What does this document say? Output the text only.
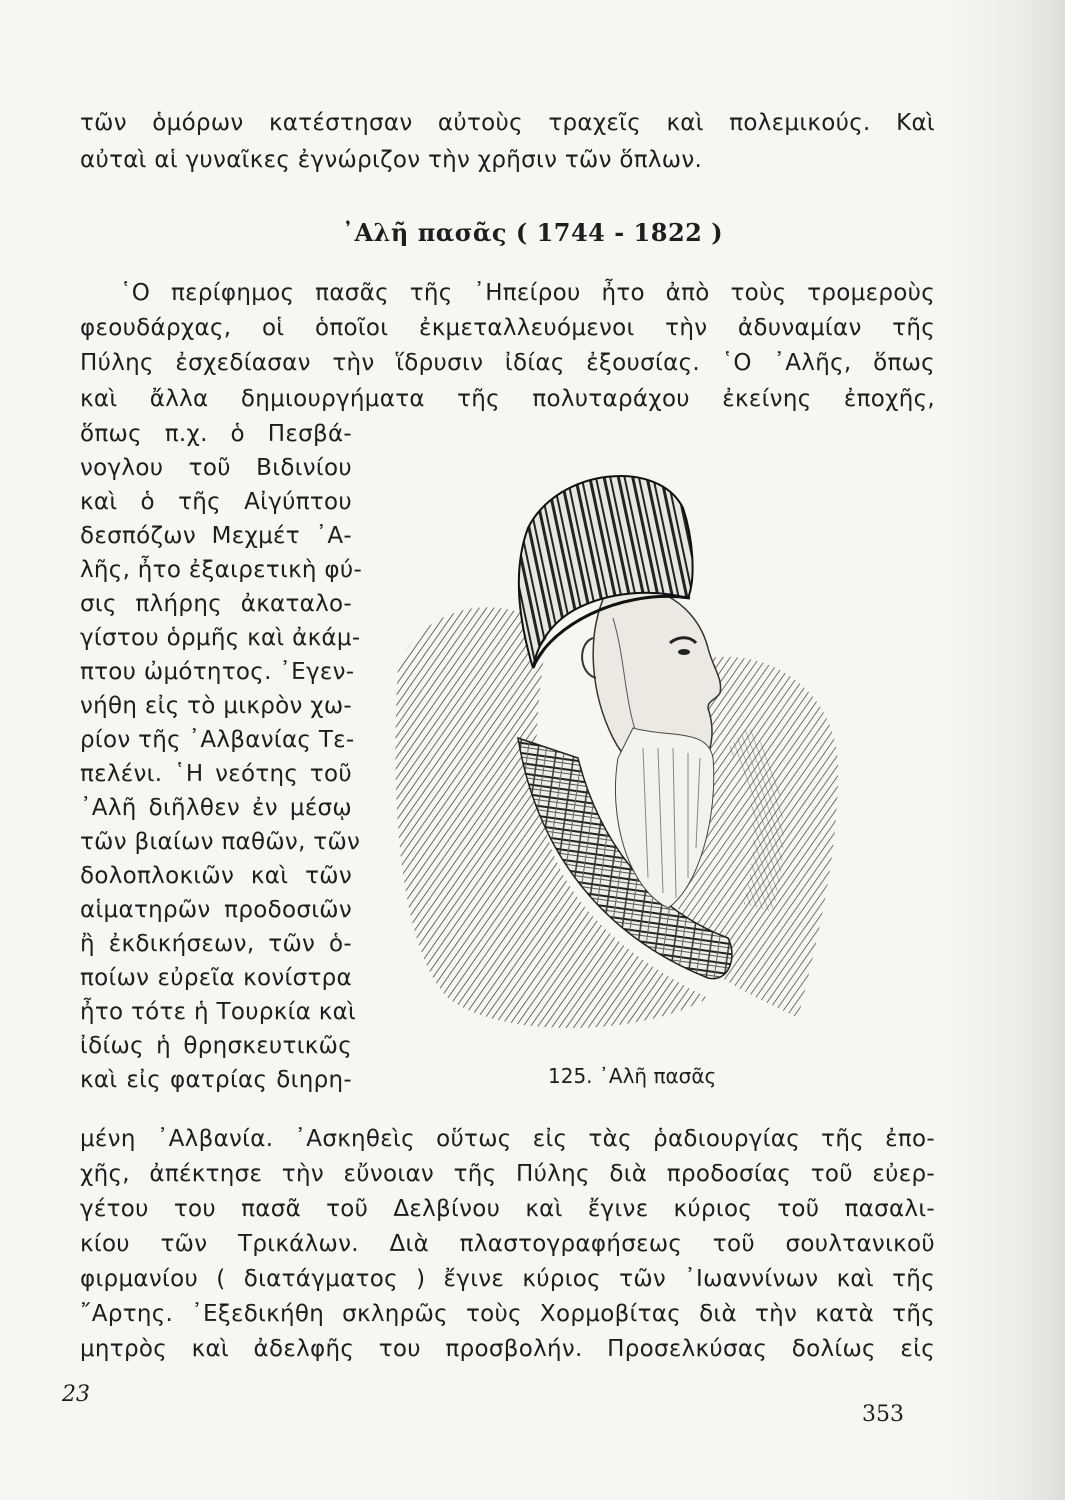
τῶν ὁμόρων κατέστησαν αὐτοὺς τραχεῖς καὶ πολεμικούς. Καὶ
αὐταὶ αἱ γυναῖκες ἐγνώριζον τὴν χρῆσιν τῶν ὅπλων.
᾿Αλῆ πασᾶς ( 1744 - 1822 )
῾Ο περίφημος πασᾶς τῆς ᾿Ηπείρου ἦτο ἀπὸ τοὺς τρομεροὺς
φεουδάρχας, οἱ ὁποῖοι ἐκμεταλλευόμενοι τὴν ἀδυναμίαν τῆς
Πύλης ἐσχεδίασαν τὴν ἵδρυσιν ἰδίας ἐξουσίας. ῾Ο ᾿Αλῆς, ὅπως
καὶ ἄλλα δημιουργήματα τῆς πολυταράχου ἐκείνης ἐποχῆς,
ὅπως π.χ. ὁ Πεσβά-
νογλου τοῦ Βιδινίου
καὶ ὁ τῆς Αἰγύπτου
δεσπόζων Μεχμέτ ᾿Α-
λῆς, ἦτο ἐξαιρετικὴ φύ-
σις πλήρης ἀκαταλο-
γίστου ὁρμῆς καὶ ἀκάμ-
πτου ὠμότητος. ᾿Εγεν-
νήθη εἰς τὸ μικρὸν χω-
ρίον τῆς ᾿Αλβανίας Τε-
πελένι. ῾Η νεότης τοῦ
᾿Αλῆ διῆλθεν ἐν μέσῳ
τῶν βιαίων παθῶν, τῶν
δολοπλοκιῶν καὶ τῶν
αἱματηρῶν προδοσιῶν
ἢ ἐκδικήσεων, τῶν ὁ-
ποίων εὐρεῖα κονίστρα
ἦτο τότε ἡ Τουρκία καὶ
ἰδίως ἡ θρησκευτικῶς
καὶ εἰς φατρίας διηρη-	125. ᾿Αλῆ πασᾶς
μένη ᾿Αλβανία. ᾿Ασκηθεὶς οὕτως εἰς τὰς ῥαδιουργίας τῆς ἐπο-
χῆς, ἀπέκτησε τὴν εὔνοιαν τῆς Πύλης διὰ προδοσίας τοῦ εὐερ-
γέτου του πασᾶ τοῦ Δελβίνου καὶ ἔγινε κύριος τοῦ πασαλι-
κίου τῶν Τρικάλων. Διὰ πλαστογραφήσεως τοῦ σουλτανικοῦ
φιρμανίου ( διατάγματος ) ἔγινε κύριος τῶν ᾿Ιωαννίνων καὶ τῆς
῎Αρτης. ᾿Εξεδικήθη σκληρῶς τοὺς Χορμοβίτας διὰ τὴν κατὰ τῆς
μητρὸς καὶ ἀδελφῆς του προσβολήν. Προσελκύσας δολίως εἰς
23
353
